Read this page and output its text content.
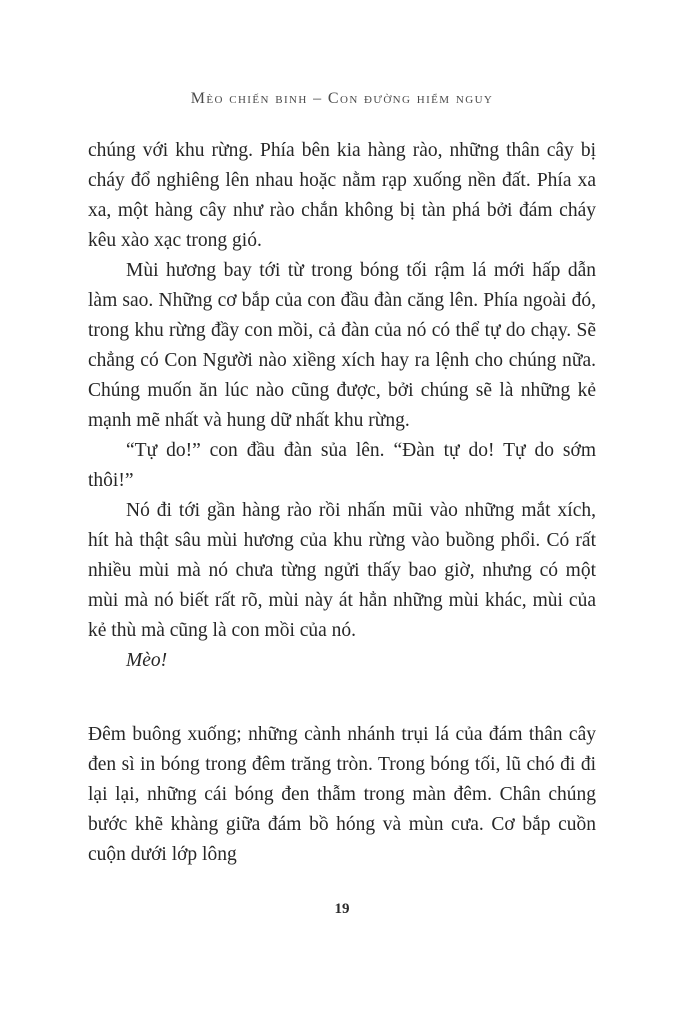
Mèo chiến binh – Con đường hiểm nguy

chúng với khu rừng. Phía bên kia hàng rào, những thân cây bị cháy đổ nghiêng lên nhau hoặc nằm rạp xuống nền đất. Phía xa xa, một hàng cây như rào chắn không bị tàn phá bởi đám cháy kêu xào xạc trong gió.

Mùi hương bay tới từ trong bóng tối rậm lá mới hấp dẫn làm sao. Những cơ bắp của con đầu đàn căng lên. Phía ngoài đó, trong khu rừng đầy con mồi, cả đàn của nó có thể tự do chạy. Sẽ chẳng có Con Người nào xiềng xích hay ra lệnh cho chúng nữa. Chúng muốn ăn lúc nào cũng được, bởi chúng sẽ là những kẻ mạnh mẽ nhất và hung dữ nhất khu rừng.

“Tự do!” con đầu đàn sủa lên. “Đàn tự do! Tự do sớm thôi!”

Nó đi tới gần hàng rào rồi nhấn mũi vào những mắt xích, hít hà thật sâu mùi hương của khu rừng vào buồng phổi. Có rất nhiều mùi mà nó chưa từng ngửi thấy bao giờ, nhưng có một mùi mà nó biết rất rõ, mùi này át hẳn những mùi khác, mùi của kẻ thù mà cũng là con mồi của nó.

Mèo!

Đêm buông xuống; những cành nhánh trụi lá của đám thân cây đen sì in bóng trong đêm trăng tròn. Trong bóng tối, lũ chó đi đi lại lại, những cái bóng đen thẫm trong màn đêm. Chân chúng bước khẽ khàng giữa đám bồ hóng và mùn cưa. Cơ bắp cuồn cuộn dưới lớp lông

19
